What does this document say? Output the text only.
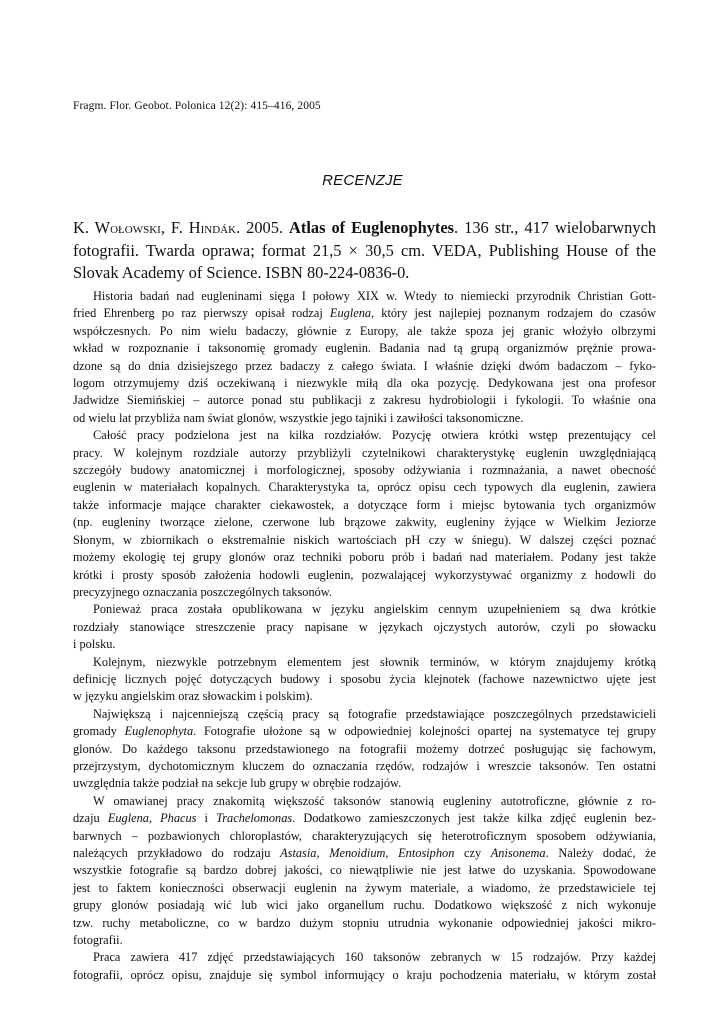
Fragm. Flor. Geobot. Polonica 12(2): 415–416, 2005
RECENZJE
K. Wołowski, F. Hindák. 2005. Atlas of Euglenophytes. 136 str., 417 wielobarwnych fotografii. Twarda oprawa; format 21,5 × 30,5 cm. VEDA, Publishing House of the Slovak Academy of Science. ISBN 80-224-0836-0.

Historia badań nad eugleninami sięga I połowy XIX w. Wtedy to niemiecki przyrodnik Christian Gott-
fried Ehrenberg po raz pierwszy opisał rodzaj Euglena, który jest najlepiej poznanym rodzajem do czasów
współczesnych. Po nim wielu badaczy, głównie z Europy, ale także spoza jej granic włożyło olbrzymi
wkład w rozpoznanie i taksonomię gromady euglenin. Badania nad tą grupą organizmów prężnie prowa-
dzone są do dnia dzisiejszego przez badaczy z całego świata. I właśnie dzięki dwóm badaczom – fyko-
logom otrzymujemy dziś oczekiwaną i niezwykle miłą dla oka pozycję. Dedykowana jest ona profesor
Jadwidze Siemińskiej – autorce ponad stu publikacji z zakresu hydrobiologii i fykologii. To właśnie ona
od wielu lat przybliża nam świat glonów, wszystkie jego tajniki i zawiłości taksonomiczne.

Całość pracy podzielona jest na kilka rozdziałów. Pozycję otwiera krótki wstęp prezentujący cel
pracy. W kolejnym rozdziale autorzy przybliżyli czytelnikowi charakterystykę euglenin uwzględniającą
szczegóły budowy anatomicznej i morfologicznej, sposoby odżywiania i rozmnażania, a nawet obecność
euglenin w materiałach kopalnych. Charakterystyka ta, oprócz opisu cech typowych dla euglenin, zawiera
także informacje mające charakter ciekawostek, a dotyczące form i miejsc bytowania tych organizmów
(np. eugleniny tworzące zielone, czerwone lub brązowe zakwity, eugleniny żyjące w Wielkim Jeziorze
Słonym, w zbiornikach o ekstremalnie niskich wartościach pH czy w śniegu). W dalszej części poznać
możemy ekologię tej grupy glonów oraz techniki poboru prób i badań nad materiałem. Podany jest także
krótki i prosty sposób założenia hodowli euglenin, pozwalającej wykorzystywać organizmy z hodowli do
precyzyjnego oznaczania poszczególnych taksonów.

Ponieważ praca została opublikowana w języku angielskim cennym uzupełnieniem są dwa krótkie
rozdziały stanowiące streszczenie pracy napisane w językach ojczystych autorów, czyli po słowacku
i polsku.

Kolejnym, niezwykle potrzebnym elementem jest słownik terminów, w którym znajdujemy krótką
definicję licznych pojęć dotyczących budowy i sposobu życia klejnotek (fachowe nazewnictwo ujęte jest
w języku angielskim oraz słowackim i polskim).

Największą i najcenniejszą częścią pracy są fotografie przedstawiające poszczególnych przedstawicieli
gromady Euglenophyta. Fotografie ułożone są w odpowiedniej kolejności opartej na systematyce tej grupy
glonów. Do każdego taksonu przedstawionego na fotografii możemy dotrzeć posługując się fachowym,
przejrzystym, dychotomicznym kluczem do oznaczania rzędów, rodzajów i wreszcie taksonów. Ten ostatni
uwzględnia także podział na sekcje lub grupy w obrębie rodzajów.

W omawianej pracy znakomitą większość taksonów stanowią eugleniny autotroficzne, głównie z ro-
dzaju Euglena, Phacus i Trachelomonas. Dodatkowo zamieszczonych jest także kilka zdjęć euglenin bez-
barwnych – pozbawionych chloroplastów, charakteryzujących się heterotroficznym sposobem odżywiania,
należących przykładowo do rodzaju Astasia, Menoidium, Entosiphon czy Anisonema. Należy dodać, że
wszystkie fotografie są bardzo dobrej jakości, co niewątpliwie nie jest łatwe do uzyskania. Spowodowane
jest to faktem konieczności obserwacji euglenin na żywym materiale, a wiadomo, że przedstawiciele tej
grupy glonów posiadają wić lub wici jako organellum ruchu. Dodatkowo większość z nich wykonuje
tzw. ruchy metaboliczne, co w bardzo dużym stopniu utrudnia wykonanie odpowiedniej jakości mikro-
fotografii.

Praca zawiera 417 zdjęć przedstawiających 160 taksonów zebranych w 15 rodzajów. Przy każdej
fotografii, oprócz opisu, znajduje się symbol informujący o kraju pochodzenia materiału, w którym został
